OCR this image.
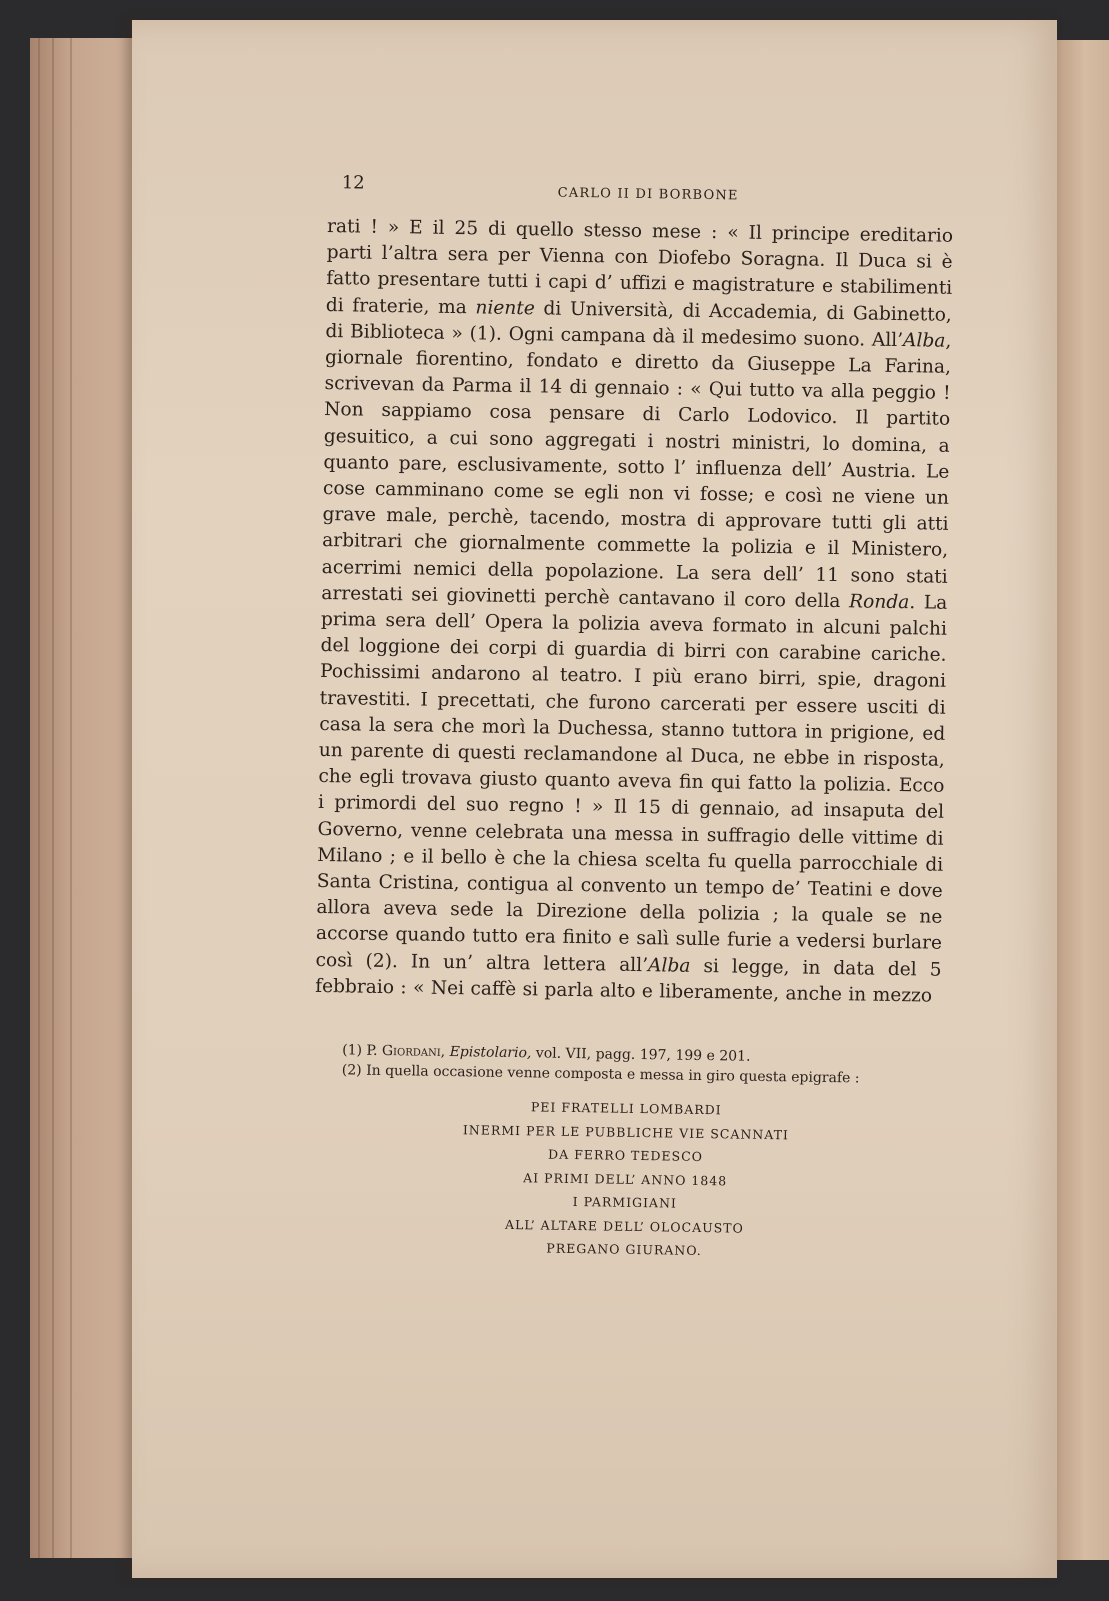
12
CARLO II DI BORBONE

rati ! » E il 25 di quello stesso mese : « Il principe ereditario parti l’altra sera per Vienna con Diofebo Soragna. Il Duca si è fatto presentare tutti i capi d’ uffizi e magistrature e stabilimenti di fraterie, ma niente di Università, di Accademia, di Gabinetto, di Biblioteca » (1). Ogni campana dà il medesimo suono. All’Alba, giornale fiorentino, fondato e diretto da Giuseppe La Farina, scrivevan da Parma il 14 di gennaio : « Qui tutto va alla peggio ! Non sappiamo cosa pensare di Carlo Lodovico. Il partito gesuitico, a cui sono aggregati i nostri ministri, lo domina, a quanto pare, esclusivamente, sotto l’ influenza dell’ Austria. Le cose camminano come se egli non vi fosse; e così ne viene un grave male, perchè, tacendo, mostra di approvare tutti gli atti arbitrari che giornalmente commette la polizia e il Ministero, acerrimi nemici della popolazione. La sera dell’ 11 sono stati arrestati sei giovinetti perchè cantavano il coro della Ronda. La prima sera dell’ Opera la polizia aveva formato in alcuni palchi del loggione dei corpi di guardia di birri con carabine cariche. Pochissimi andarono al teatro. I più erano birri, spie, dragoni travestiti. I precettati, che furono carcerati per essere usciti di casa la sera che morì la Duchessa, stanno tuttora in prigione, ed un parente di questi reclamandone al Duca, ne ebbe in risposta, che egli trovava giusto quanto aveva fin qui fatto la polizia. Ecco i primordi del suo regno ! » Il 15 di gennaio, ad insaputa del Governo, venne celebrata una messa in suffragio delle vittime di Milano ; e il bello è che la chiesa scelta fu quella parrocchiale di Santa Cristina, contigua al convento un tempo de’ Teatini e dove allora aveva sede la Direzione della polizia ; la quale se ne accorse quando tutto era finito e salì sulle furie a vedersi burlare così (2). In un’ altra lettera all’Alba si legge, in data del 5 febbraio : « Nei caffè si parla alto e liberamente, anche in mezzo

(1) P. Giordani, Epistolario, vol. VII, pagg. 197, 199 e 201.

(2) In quella occasione venne composta e messa in giro questa epigrafe :

PEI FRATELLI LOMBARDI
INERMI PER LE PUBBLICHE VIE SCANNATI
DA FERRO TEDESCO
AI PRIMI DELL’ ANNO 1848
I PARMIGIANI
ALL’ ALTARE DELL’ OLOCAUSTO
PREGANO GIURANO.
